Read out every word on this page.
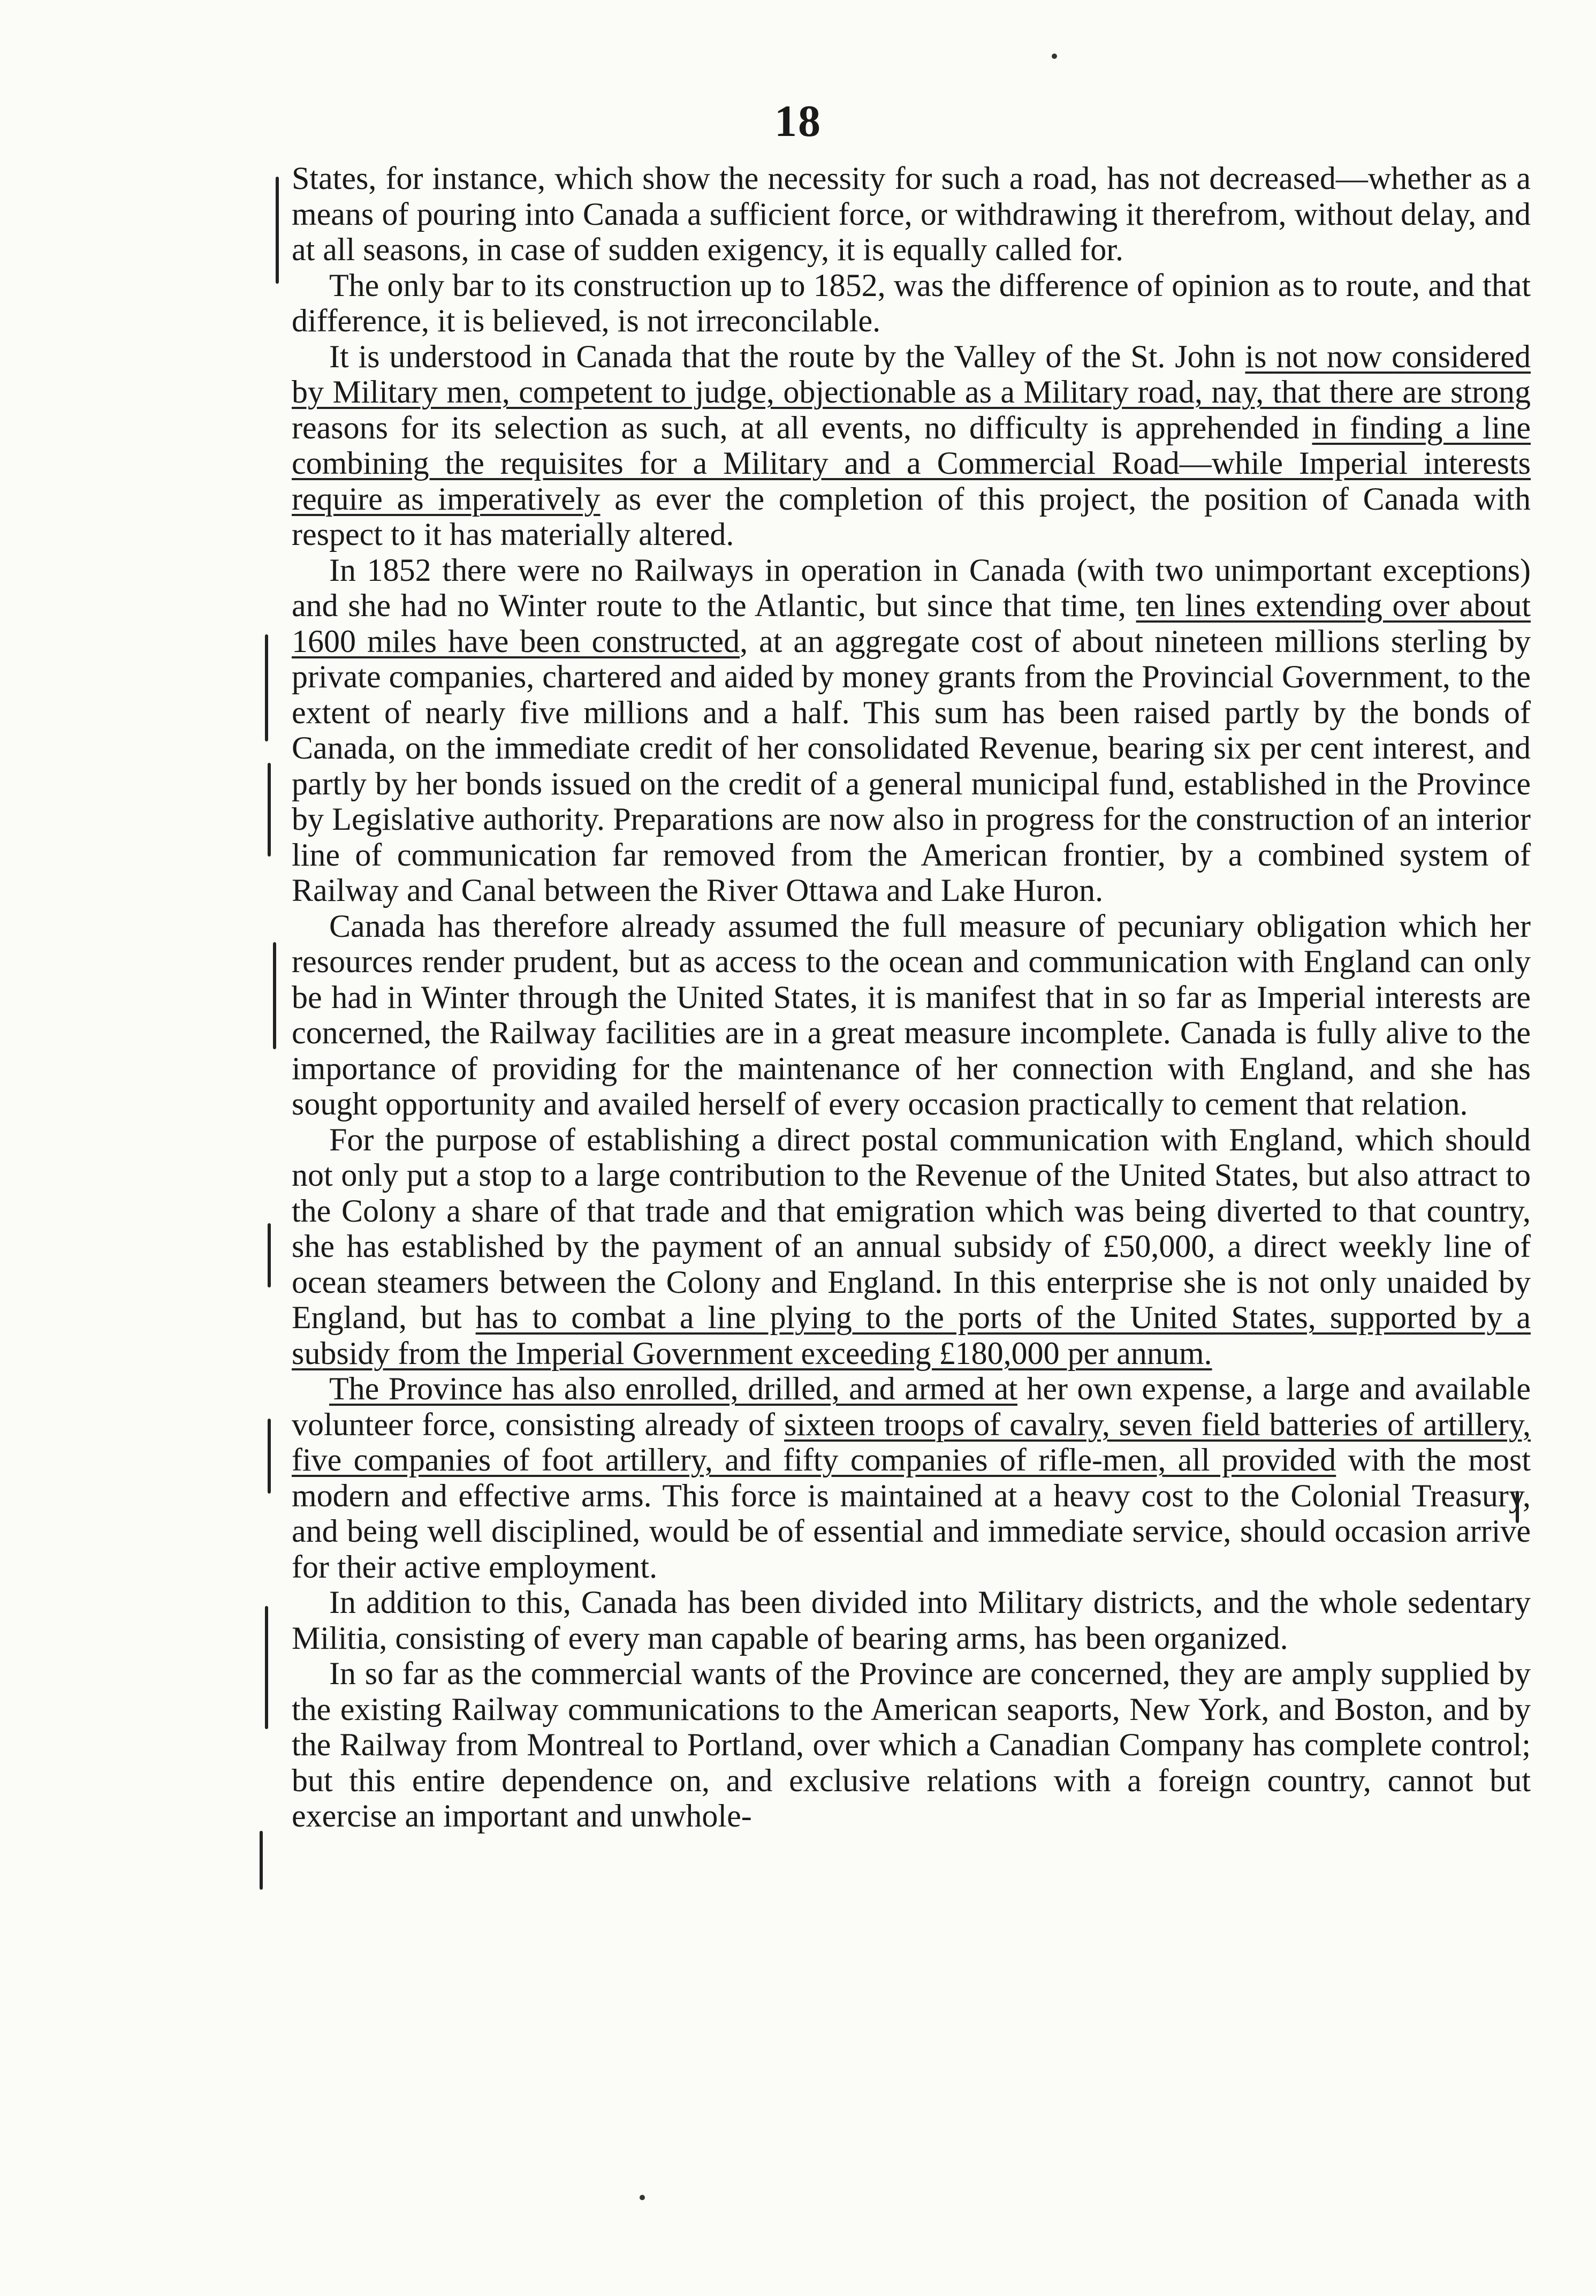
18

States, for instance, which show the necessity for such a road, has not decreased—whether as a means of pouring into Canada a sufficient force, or withdrawing it therefrom, without delay, and at all seasons, in case of sudden exigency, it is equally called for.

The only bar to its construction up to 1852, was the difference of opinion as to route, and that difference, it is believed, is not irreconcilable.

It is understood in Canada that the route by the Valley of the St. John is not now considered by Military men, competent to judge, objectionable as a Military road, nay, that there are strong reasons for its selection as such, at all events, no difficulty is apprehended in finding a line combining the requisites for a Military and a Commercial Road—while Imperial interests require as imperatively as ever the completion of this project, the position of Canada with respect to it has materially altered.

In 1852 there were no Railways in operation in Canada (with two unimportant exceptions) and she had no Winter route to the Atlantic, but since that time, ten lines extending over about 1600 miles have been constructed, at an aggregate cost of about nineteen millions sterling by private companies, chartered and aided by money grants from the Provincial Government, to the extent of nearly five millions and a half. This sum has been raised partly by the bonds of Canada, on the immediate credit of her consolidated Revenue, bearing six per cent interest, and partly by her bonds issued on the credit of a general municipal fund, established in the Province by Legislative authority. Preparations are now also in progress for the construction of an interior line of communication far removed from the American frontier, by a combined system of Railway and Canal between the River Ottawa and Lake Huron.

Canada has therefore already assumed the full measure of pecuniary obligation which her resources render prudent, but as access to the ocean and communication with England can only be had in Winter through the United States, it is manifest that in so far as Imperial interests are concerned, the Railway facilities are in a great measure incomplete. Canada is fully alive to the importance of providing for the maintenance of her connection with England, and she has sought opportunity and availed herself of every occasion practically to cement that relation.

For the purpose of establishing a direct postal communication with England, which should not only put a stop to a large contribution to the Revenue of the United States, but also attract to the Colony a share of that trade and that emigration which was being diverted to that country, she has established by the payment of an annual subsidy of £50,000, a direct weekly line of ocean steamers between the Colony and England. In this enterprise she is not only unaided by England, but has to combat a line plying to the ports of the United States, supported by a subsidy from the Imperial Government exceeding £180,000 per annum.

The Province has also enrolled, drilled, and armed at her own expense, a large and available volunteer force, consisting already of sixteen troops of cavalry, seven field batteries of artillery, five companies of foot artillery, and fifty companies of rifle-men, all provided with the most modern and effective arms. This force is maintained at a heavy cost to the Colonial Treasury, and being well disciplined, would be of essential and immediate service, should occasion arrive for their active employment.

In addition to this, Canada has been divided into Military districts, and the whole sedentary Militia, consisting of every man capable of bearing arms, has been organized.

In so far as the commercial wants of the Province are concerned, they are amply supplied by the existing Railway communications to the American seaports, New York, and Boston, and by the Railway from Montreal to Portland, over which a Canadian Company has complete control; but this entire dependence on, and exclusive relations with a foreign country, cannot but exercise an important and unwhole-
